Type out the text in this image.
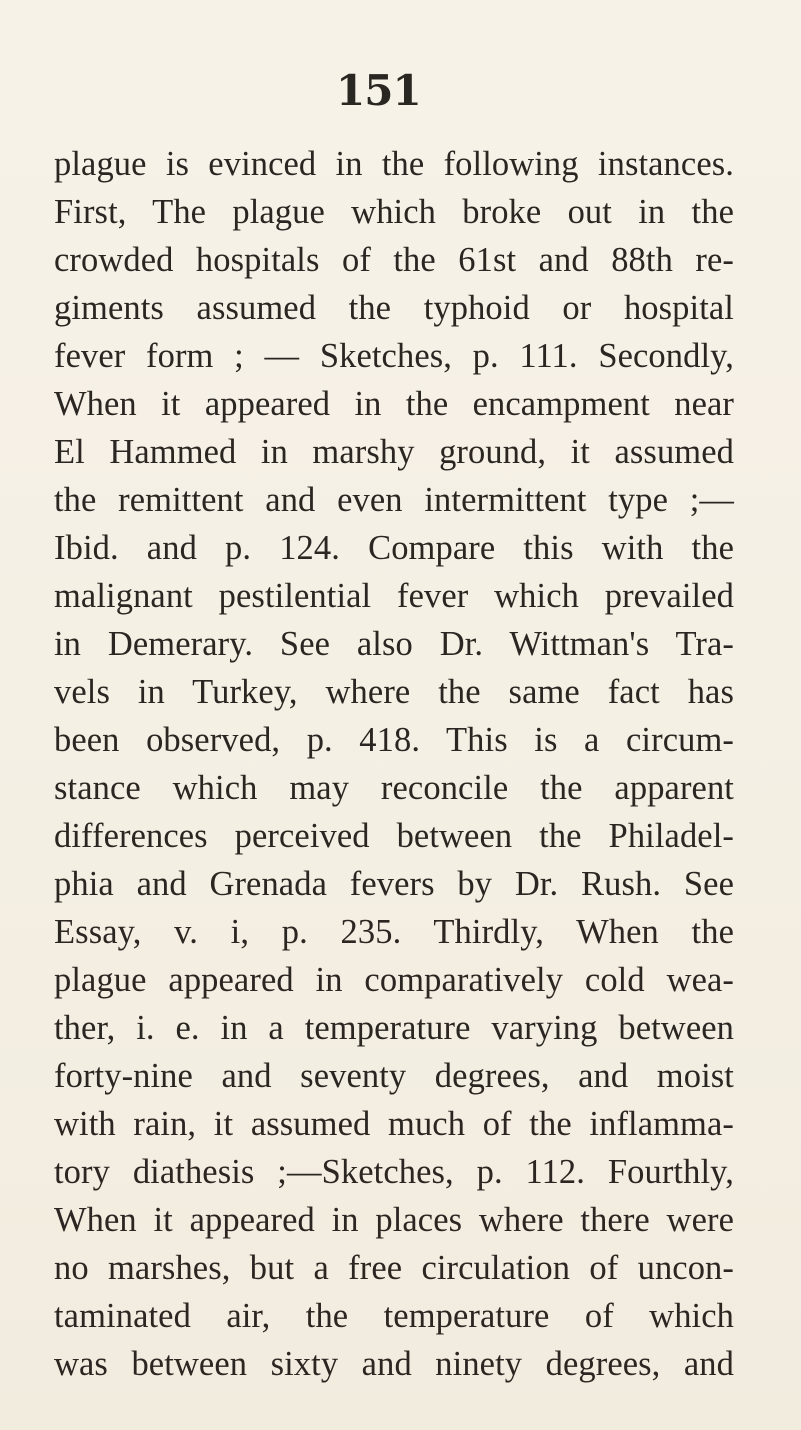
151
plague is evinced in the following instances.
First, The plague which broke out in the
crowded hospitals of the 61st and 88th re-
giments assumed the typhoid or hospital
fever form ; — Sketches, p. 111. Secondly,
When it appeared in the encampment near
El Hammed in marshy ground, it assumed
the remittent and even intermittent type ;—
Ibid. and p. 124. Compare this with the
malignant pestilential fever which prevailed
in Demerary. See also Dr. Wittman's Tra-
vels in Turkey, where the same fact has
been observed, p. 418. This is a circum-
stance which may reconcile the apparent
differences perceived between the Philadel-
phia and Grenada fevers by Dr. Rush. See
Essay, v. i, p. 235. Thirdly, When the
plague appeared in comparatively cold wea-
ther, i. e. in a temperature varying between
forty-nine and seventy degrees, and moist
with rain, it assumed much of the inflamma-
tory diathesis ;—Sketches, p. 112. Fourthly,
When it appeared in places where there were
no marshes, but a free circulation of uncon-
taminated air, the temperature of which
was between sixty and ninety degrees, and
